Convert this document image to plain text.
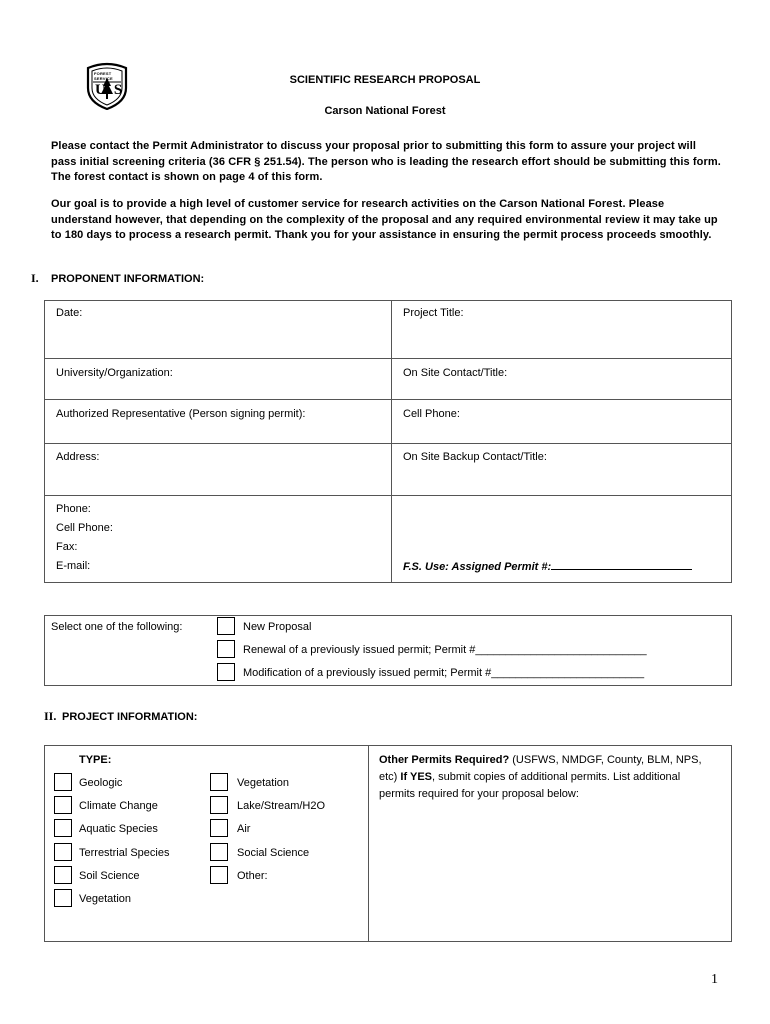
FOREST SERVICE
US
SCIENTIFIC RESEARCH PROPOSAL
Carson National Forest
Please contact the Permit Administrator to discuss your proposal prior to submitting this form to assure your project will pass initial screening criteria (36 CFR § 251.54). The person who is leading the research effort should be submitting this form. The forest contact is shown on page 4 of this form.
Our goal is to provide a high level of customer service for research activities on the Carson National Forest. Please understand however, that depending on the complexity of the proposal and any required environmental review it may take up to 180 days to process a research permit. Thank you for your assistance in ensuring the permit process proceeds smoothly.
I. PROPONENT INFORMATION:
Date:	Project Title:
University/Organization:	On Site Contact/Title:
Authorized Representative (Person signing permit):	Cell Phone:
Address:	On Site Backup Contact/Title:
Phone:
Cell Phone:
Fax:
E-mail:	F.S. Use: Assigned Permit #:
Select one of the following:	New Proposal
Renewal of a previously issued permit; Permit #____________________________
Modification of a previously issued permit; Permit #_________________________
II. PROJECT INFORMATION:
TYPE:
Geologic
Climate Change
Aquatic Species
Terrestrial Species
Soil Science
Vegetation
Vegetation
Lake/Stream/H2O
Air
Social Science
Other:
Other Permits Required? (USFWS, NMDGF, County, BLM, NPS, etc) If YES, submit copies of additional permits. List additional permits required for your proposal below:
1
